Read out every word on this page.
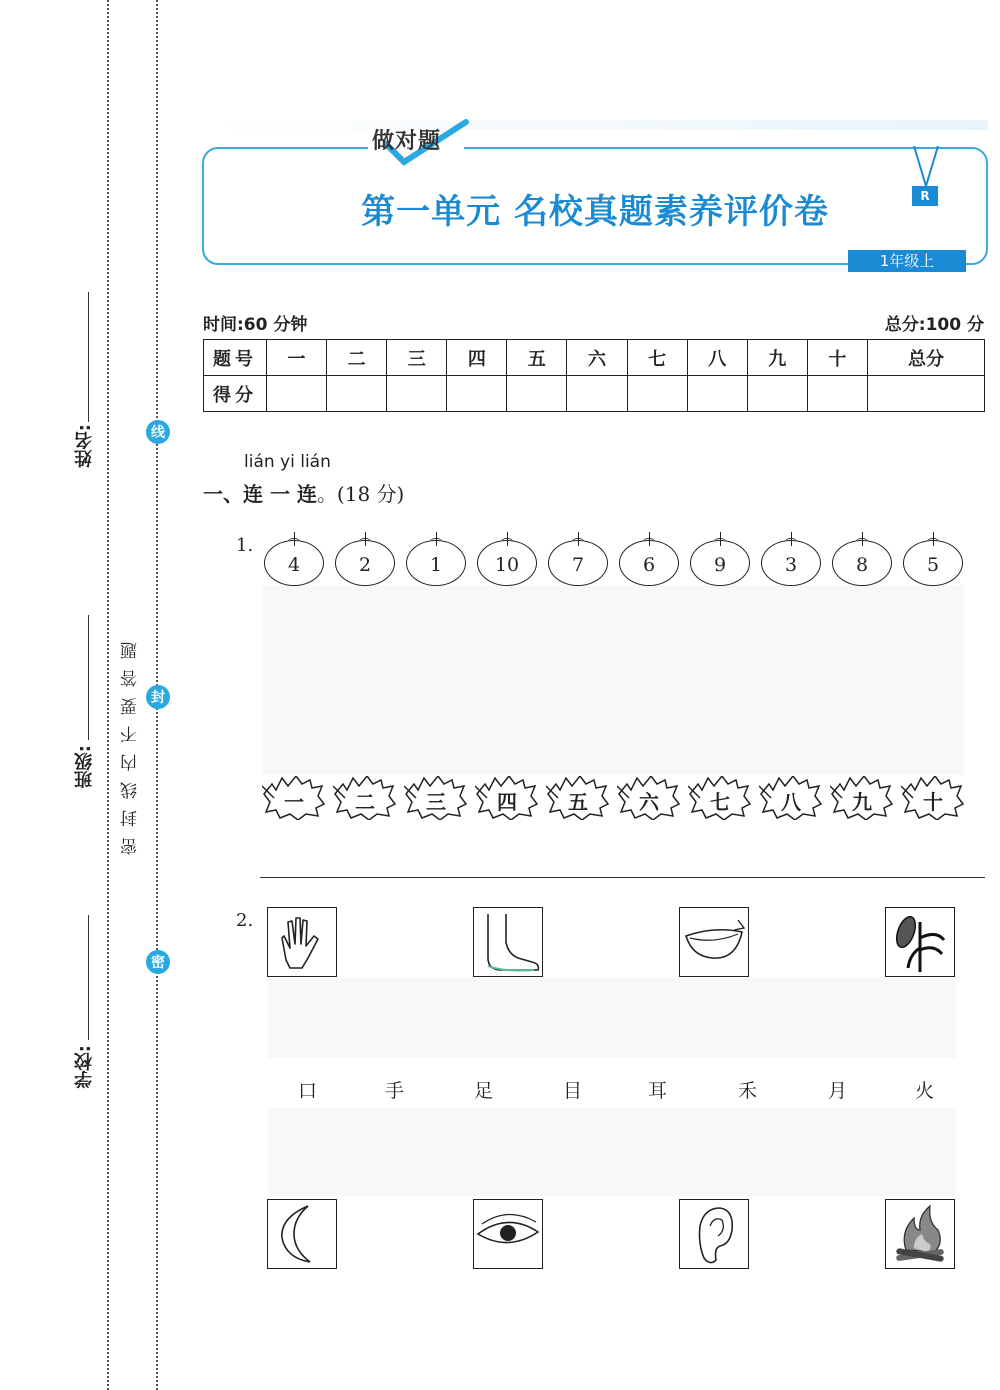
姓名:
班级:
学校:
密封线内不要答题
线
封
密
做对题
R
第一单元 名校真题素养评价卷
1年级上
时间:60 分钟	总分:100 分
题号	一	二	三	四	五	六	七	八	九	十	总分
得分											
lián yi lián
一、连 一 连。(18 分)
1.
4	2	1	10	7	6	9	3	8	5
一	二	三	四	五	六	七	八	九	十
2.
口	手	足	目	耳	禾	月	火
